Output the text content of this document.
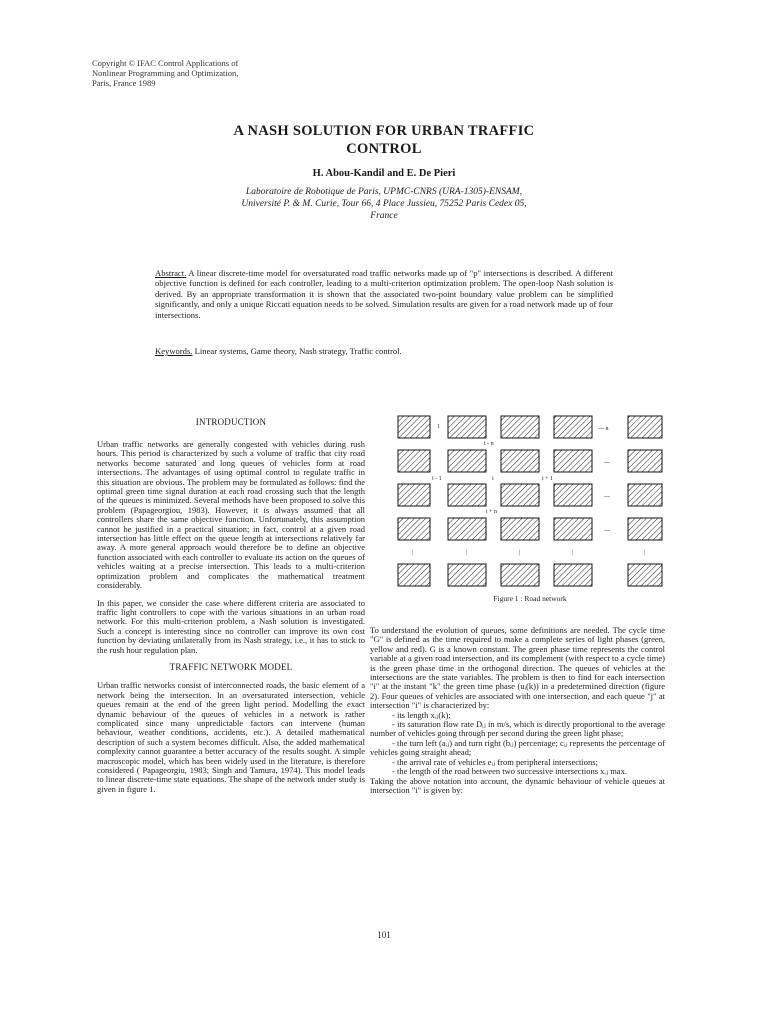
Copyright © IFAC Control Applications of
Nonlinear Programming and Optimization,
Paris, France 1989
A NASH SOLUTION FOR URBAN TRAFFIC
CONTROL
H. Abou-Kandil and E. De Pieri
Laboratoire de Robotique de Paris, UPMC-CNRS (URA-1305)-ENSAM,
Université P. & M. Curie, Tour 66, 4 Place Jussieu, 75252 Paris Cedex 05,
France
Abstract. A linear discrete-time model for oversaturated road traffic networks made up of "p" intersections is described. A different objective function is defined for each controller, leading to a multi-criterion optimization problem. The open-loop Nash solution is derived. By an appropriate transformation it is shown that the associated two-point boundary value problem can be simplified significantly, and only a unique Riccati equation needs to be solved. Simulation results are given for a road network made up of four intersections.
Keywords. Linear systems, Game theory, Nash strategy, Traffic control.
INTRODUCTION

Urban traffic networks are generally congested with vehicles during rush hours. This period is characterized by such a volume of traffic that city road networks become saturated and long queues of vehicles form at road intersections. The advantages of using optimal control to regulate traffic in this situation are obvious. The problem may be formulated as follows: find the optimal green time signal duration at each road crossing such that the length of the queues is minimized. Several methods have been proposed to solve this problem (Papageorgiou, 1983). However, it is always assumed that all controllers share the same objective function. Unfortunately, this assumption cannot be justified in a practical situation; in fact, control at a given road intersection has little effect on the queue length at intersections relatively far away. A more general approach would therefore be to define an objective function associated with each controller to evaluate its action on the queues of vehicles waiting at a precise intersection. This leads to a multi-criterion optimization problem and complicates the mathematical treatment considerably.

In this paper, we consider the case where different criteria are associated to traffic light controllers to cope with the various situations in an urban road network. For this multi-criterion problem, a Nash solution is investigated. Such a concept is interesting since no controller can improve its own cost function by deviating unilaterally from its Nash strategy, i.e., it has to stick to the rush hour regulation plan.

TRAFFIC NETWORK MODEL

Urban traffic networks consist of interconnected roads, the basic element of a network being the intersection. In an oversaturated intersection, vehicle queues remain at the end of the green light period. Modelling the exact dynamic behaviour of the queues of vehicles in a network is rather complicated since many unpredictable factors can intervene (human behaviour, weather conditions, accidents, etc.). A detailed mathematical description of such a system becomes difficult. Also, the added mathematical complexity cannot guarantee a better accuracy of the results sought. A simple macroscopic model, which has been widely used in the literature, is therefore considered ( Papageorgiu, 1983; Singh and Tamura, 1974). This model leads to linear discrete-time state equations. The shape of the network under study is given in figure 1.

1	--- n
i - n
---
i - 1	i	i + 1
---
i + n
---
|	|	|	|	|
Figure 1 : Road network

To understand the evolution of queues, some definitions are needed. The cycle time "G" is defined as the time required to make a complete series of light phases (green, yellow and red). G is a known constant. The green phase time represents the control variable at a given road intersection, and its complement (with respect to a cycle time) is the green phase time in the orthogonal direction. The queues of vehicles at the intersections are the state variables. The problem is then to find for each intersection "i" at the instant "k" the green time phase (uᵢ(k)) in a predetermined direction (figure 2). Four queues of vehicles are associated with one intersection, and each queue "j" at intersection "i" is characterized by:

- its length xᵢⱼ(k);
- its saturation flow rate Dᵢⱼ in m/s, which is directly proportional to the average number of vehicles going through per second during the green light phase;
- the turn left (aᵢⱼ) and turn right (bᵢⱼ) percentage; cᵢⱼ represents the percentage of vehicles going straight ahead;
- the arrival rate of vehicles eᵢⱼ from peripheral intersections;
- the length of the road between two successive intersections xᵢⱼ max.

Taking the above notation into account, the dynamic behaviour of vehicle queues at intersection "i" is given by:

101
